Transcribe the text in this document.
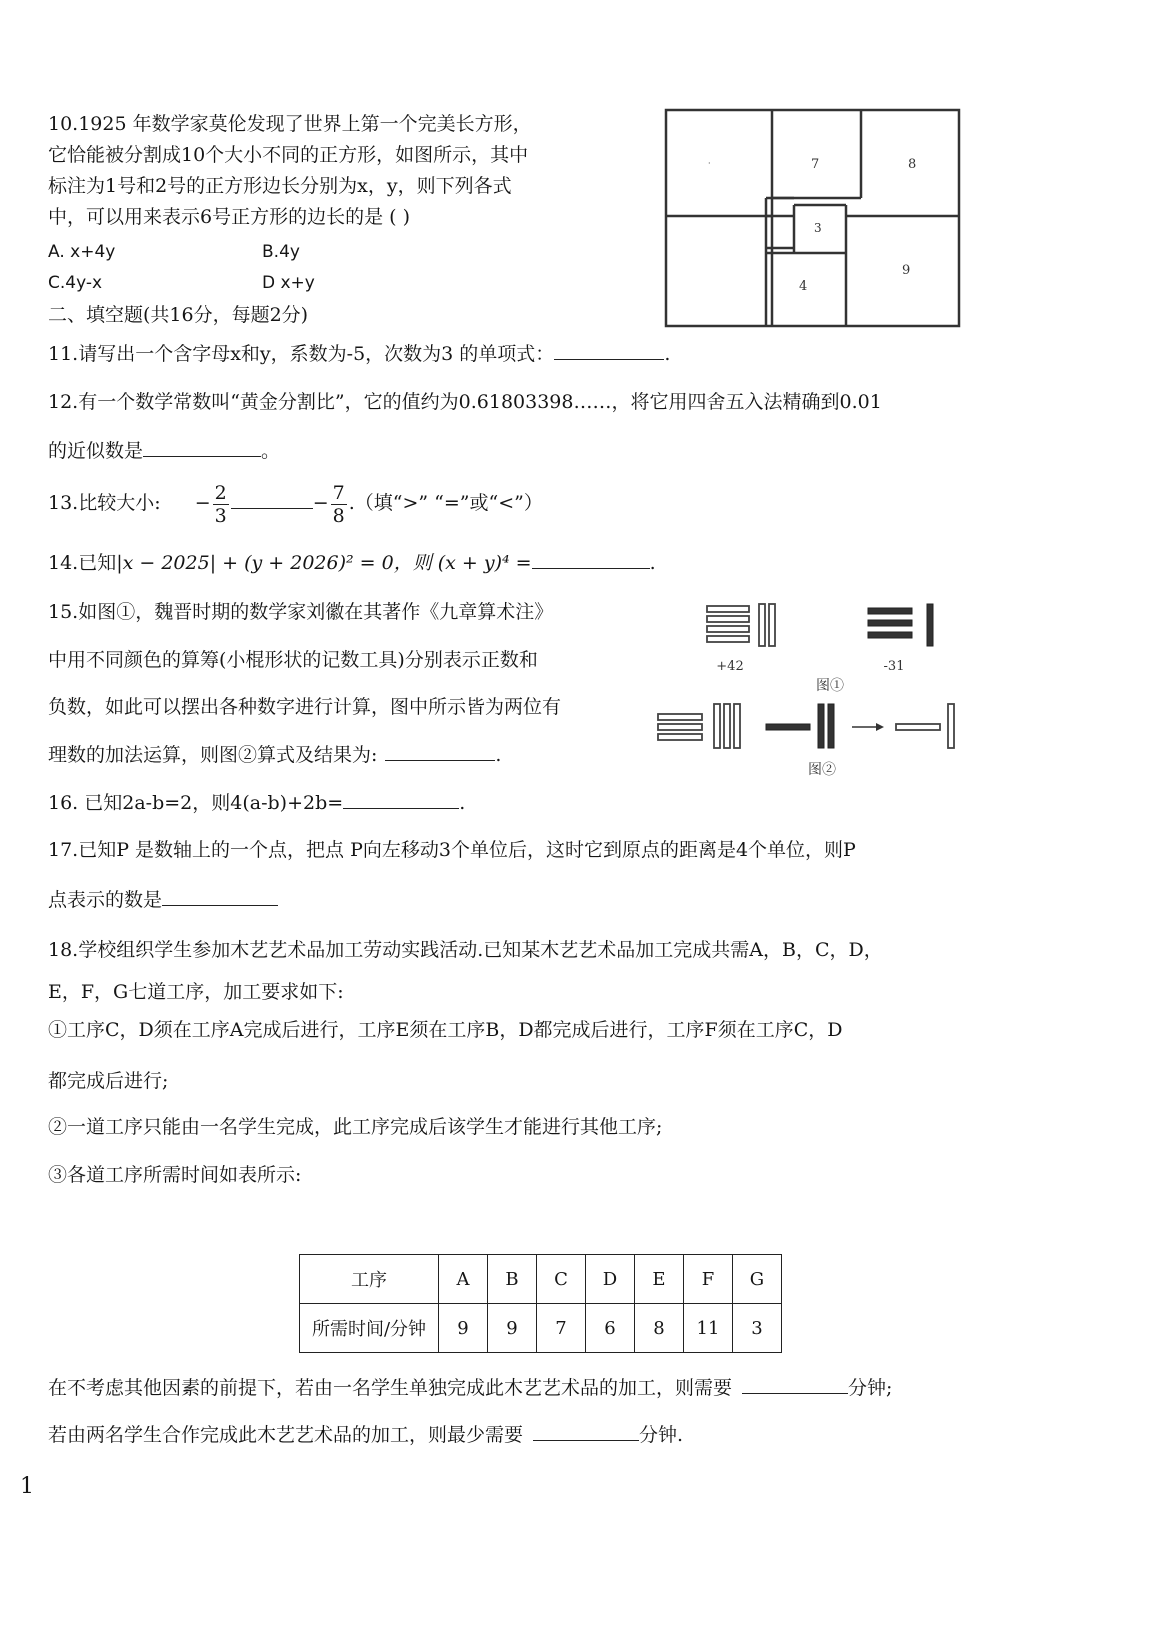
10.1925 年数学家莫伦发现了世界上第一个完美长方形，
它恰能被分割成10个大小不同的正方形，如图所示，其中
标注为1号和2号的正方形边长分别为x，y，则下列各式
中，可以用来表示6号正方形的边长的是 ( )
A. x+4y	B.4y
C.4y-x	D x+y
·	7	8
3
4
9
二、填空题(共16分，每题2分)
11.请写出一个含字母x和y，系数为-5，次数为3 的单项式：	.
12.有一个数学常数叫“黄金分割比”，它的值约为0.61803398……，将它用四舍五入法精确到0.01
的近似数是	。
13.比较大小: − $\frac{2}{3}$	− $\frac{7}{8}$ .（填“>” “=”或“<”）
14.已知|x − 2025| + (y + 2026)² = 0，则 (x + y)⁴ =	.
15.如图①，魏晋时期的数学家刘徽在其著作《九章算术注》
中用不同颜色的算筹(小棍形状的记数工具)分别表示正数和
负数，如此可以摆出各种数字进行计算，图中所示皆为两位有
理数的加法运算，则图②算式及结果为:	.
+42	-31
图①
图②
16. 已知2a-b=2，则4(a-b)+2b=	.
17.已知P 是数轴上的一个点，把点 P向左移动3个单位后，这时它到原点的距离是4个单位，则P
点表示的数是
18.学校组织学生参加木艺艺术品加工劳动实践活动.已知某木艺艺术品加工完成共需A，B，C，D，
E，F，G七道工序，加工要求如下:
①工序C，D须在工序A完成后进行，工序E须在工序B，D都完成后进行，工序F须在工序C，D
都完成后进行;
②一道工序只能由一名学生完成，此工序完成后该学生才能进行其他工序;
③各道工序所需时间如表所示:
工序	A	B	C	D	E	F	G
所需时间/分钟	9	9	7	6	8	11	3
在不考虑其他因素的前提下，若由一名学生单独完成此木艺艺术品的加工，则需要	分钟;
若由两名学生合作完成此木艺艺术品的加工，则最少需要	分钟.
1
